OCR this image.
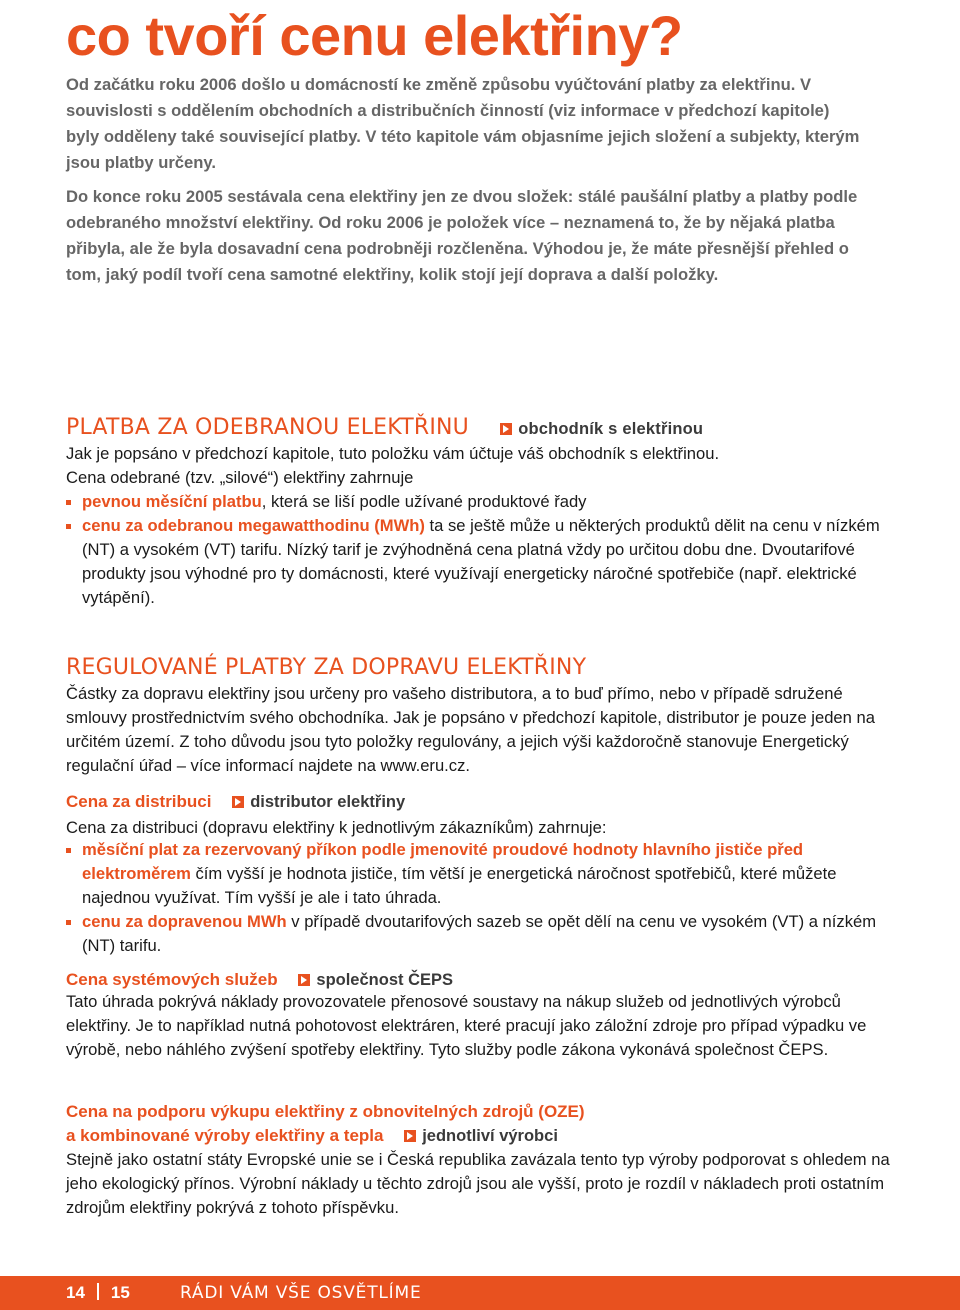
co tvoří cenu elektřiny?

Od začátku roku 2006 došlo u domácností ke změně způsobu vyúčtování platby za elektřinu. V souvislosti s oddělením obchodních a distribučních činností (viz informace v předchozí kapitole) byly odděleny také související platby. V této kapitole vám objasníme jejich složení a subjekty, kterým jsou platby určeny.

Do konce roku 2005 sestávala cena elektřiny jen ze dvou složek: stálé paušální platby a platby podle odebraného množství elektřiny. Od roku 2006 je položek více – neznamená to, že by nějaká platba přibyla, ale že byla dosavadní cena podrobněji rozčleněna. Výhodou je, že máte přesnější přehled o tom, jaký podíl tvoří cena samotné elektřiny, kolik stojí její doprava a další položky.

PLATBA ZA ODEBRANOU ELEKTŘINU	obchodník s elektřinou

Jak je popsáno v předchozí kapitole, tuto položku vám účtuje váš obchodník s elektřinou.

Cena odebrané (tzv. „silové“) elektřiny zahrnuje

pevnou měsíční platbu, která se liší podle užívané produktové řady
cenu za odebranou megawatthodinu (MWh) ta se ještě může u některých produktů dělit na cenu v nízkém (NT) a vysokém (VT) tarifu. Nízký tarif je zvýhodněná cena platná vždy po určitou dobu dne. Dvoutarifové produkty jsou výhodné pro ty domácnosti, které využívají energeticky náročné spotřebiče (např. elektrické vytápění).
REGULOVANÉ PLATBY ZA DOPRAVU ELEKTŘINY

Částky za dopravu elektřiny jsou určeny pro vašeho distributora, a to buď přímo, nebo v případě sdružené smlouvy prostřednictvím svého obchodníka. Jak je popsáno v předchozí kapitole, distributor je pouze jeden na určitém území. Z toho důvodu jsou tyto položky regulovány, a jejich výši každoročně stanovuje Energetický regulační úřad – více informací najdete na www.eru.cz.

Cena za distribuci distributor elektřiny

Cena za distribuci (dopravu elektřiny k jednotlivým zákazníkům) zahrnuje:

měsíční plat za rezervovaný příkon podle jmenovité proudové hodnoty hlavního jističe před elektroměrem čím vyšší je hodnota jističe, tím větší je energetická náročnost spotřebičů, které můžete najednou využívat. Tím vyšší je ale i tato úhrada.
cenu za dopravenou MWh v případě dvoutarifových sazeb se opět dělí na cenu ve vysokém (VT) a nízkém (NT) tarifu.
Cena systémových služeb společnost ČEPS

Tato úhrada pokrývá náklady provozovatele přenosové soustavy na nákup služeb od jednotlivých výrobců elektřiny. Je to například nutná pohotovost elektráren, které pracují jako záložní zdroje pro případ výpadku ve výrobě, nebo náhlého zvýšení spotřeby elektřiny. Tyto služby podle zákona vykonává společnost ČEPS.

Cena na podporu výkupu elektřiny z obnovitelných zdrojů (OZE)
a kombinované výroby elektřiny a tepla jednotliví výrobci

Stejně jako ostatní státy Evropské unie se i Česká republika zavázala tento typ výroby podporovat s ohledem na jeho ekologický přínos. Výrobní náklady u těchto zdrojů jsou ale vyšší, proto je rozdíl v nákladech proti ostatním zdrojům elektřiny pokrývá z tohoto příspěvku.

14 15	RÁDI VÁM VŠE OSVĚTLÍME
